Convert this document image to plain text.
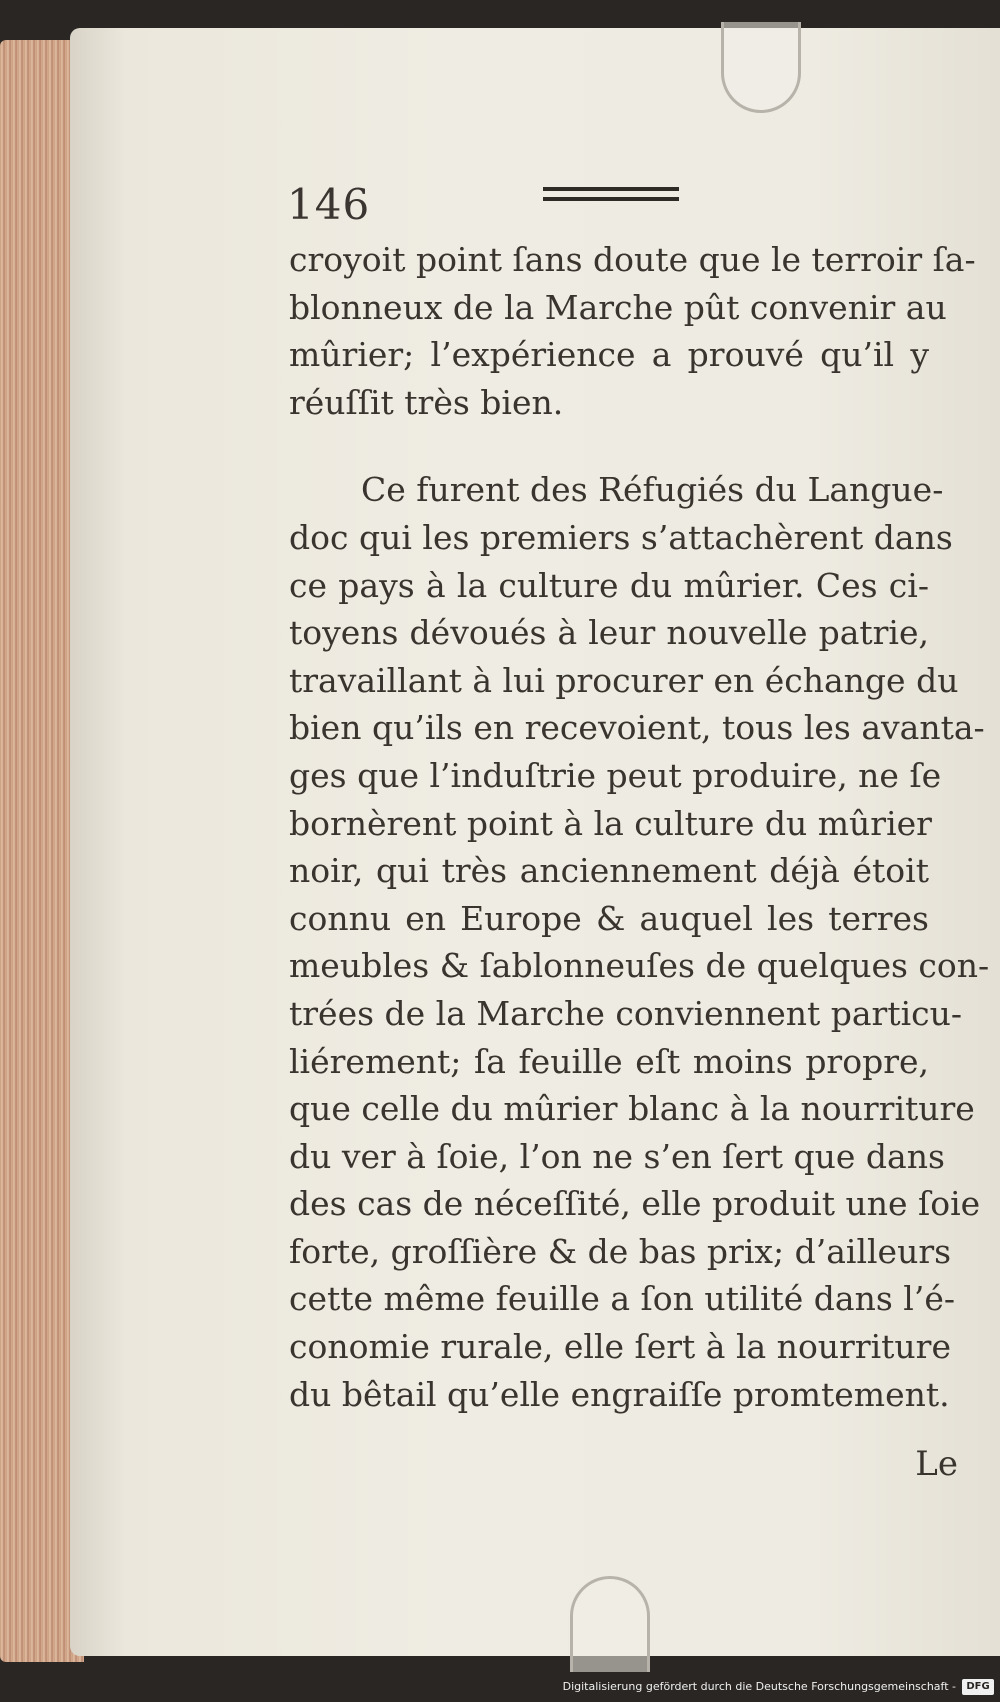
146
croyoit point ſans doute que le terroir ſa-
blonneux de la Marche pût convenir au
mûrier; l’expérience a prouvé qu’il y
réuſſit très bien.
Ce furent des Réfugiés du Langue-
doc qui les premiers s’attachèrent dans
ce pays à la culture du mûrier. Ces ci-
toyens dévoués à leur nouvelle patrie,
travaillant à lui procurer en échange du
bien qu’ils en recevoient, tous les avanta-
ges que l’induſtrie peut produire, ne ſe
bornèrent point à la culture du mûrier
noir, qui très anciennement déjà étoit
connu en Europe & auquel les terres
meubles & ſablonneuſes de quelques con-
trées de la Marche conviennent particu-
liérement; ſa feuille eſt moins propre,
que celle du mûrier blanc à la nourriture
du ver à ſoie, l’on ne s’en ſert que dans
des cas de néceſſité, elle produit une ſoie
forte, groſſière & de bas prix; d’ailleurs
cette même feuille a ſon utilité dans l’é-
conomie rurale, elle ſert à la nourriture
du bêtail qu’elle engraiſſe promtement.
Le
Digitalisierung gefördert durch die Deutsche Forschungsgemeinschaft -	DFG
